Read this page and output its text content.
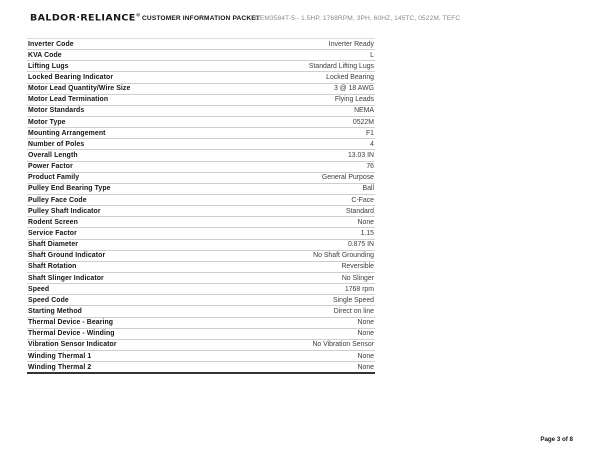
BALDOR·RELIANCE® CUSTOMER INFORMATION PACKET
CEM3584T-5 - 1.5HP, 1768RPM, 3PH, 60HZ, 145TC, 0522M, TEFC
Inverter Code	Inverter Ready
KVA Code	L
Lifting Lugs	Standard Lifting Lugs
Locked Bearing Indicator	Locked Bearing
Motor Lead Quantity/Wire Size	3 @ 18 AWG
Motor Lead Termination	Flying Leads
Motor Standards	NEMA
Motor Type	0522M
Mounting Arrangement	F1
Number of Poles	4
Overall Length	13.03 IN
Power Factor	76
Product Family	General Purpose
Pulley End Bearing Type	Ball
Pulley Face Code	C-Face
Pulley Shaft Indicator	Standard
Rodent Screen	None
Service Factor	1.15
Shaft Diameter	0.875 IN
Shaft Ground Indicator	No Shaft Grounding
Shaft Rotation	Reversible
Shaft Slinger Indicator	No Slinger
Speed	1768 rpm
Speed Code	Single Speed
Starting Method	Direct on line
Thermal Device - Bearing	None
Thermal Device - Winding	None
Vibration Sensor Indicator	No Vibration Sensor
Winding Thermal 1	None
Winding Thermal 2	None
Page 3 of 8
